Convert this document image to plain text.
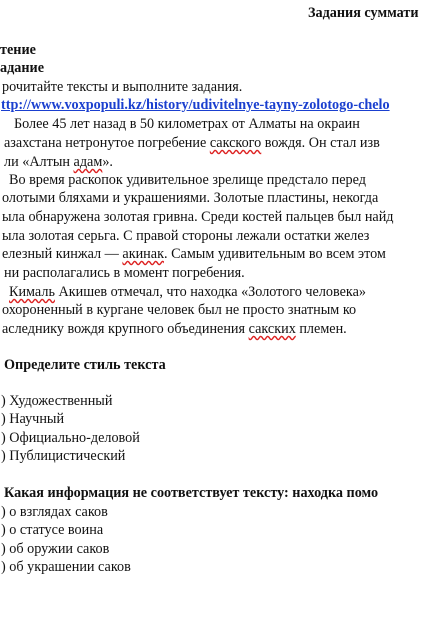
Задания суммати
тение
адание
рочитайте тексты и выполните задания.
ttp://www.voxpopuli.kz/history/udivitelnye-tayny-zolotogo-chelo
Более 45 лет назад в 50 километрах от Алматы на окраин
азахстана нетронутое погребение сакского вождя. Он стал изв
ли «Алтын адам».
Во время раскопок удивительное зрелище предстало перед
олотыми бляхами и украшениями. Золотые пластины, некогда
ыла обнаружена золотая гривна. Среди костей пальцев был найд
ыла золотая серьга. С правой стороны лежали остатки желез
елезный кинжал — акинак. Самым удивительным во всем этом
ни располагались в момент погребения.
Кималь Акишев отмечал, что находка «Золотого человека»
охороненный в кургане человек был не просто знатным ко
аследнику вождя крупного объединения сакских племен.
Определите стиль текста
) Художественный
) Научный
) Официально-деловой
) Публицистический
Какая информация не соответствует тексту: находка помо
) о взглядах саков
) о статусе воина
) об оружии саков
) об украшении саков
